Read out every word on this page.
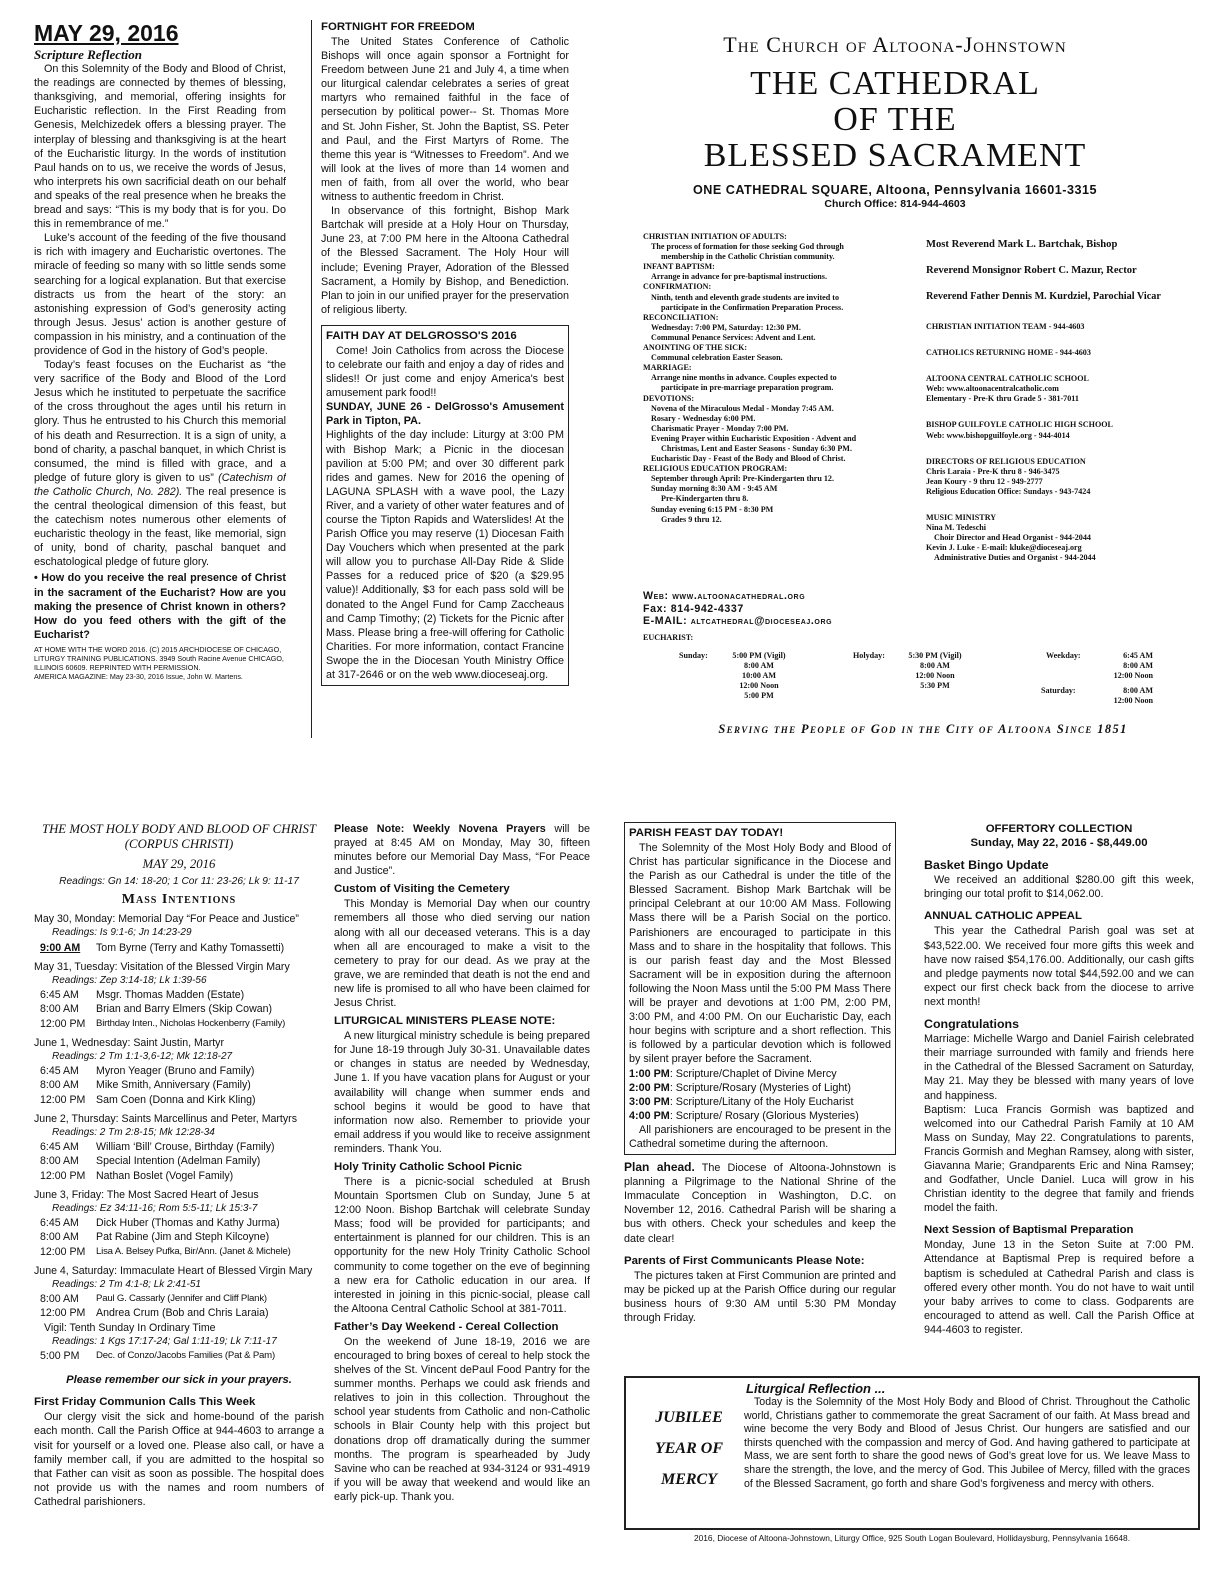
MAY 29, 2016
Scripture Reflection

On this Solemnity of the Body and Blood of Christ, the readings are connected by themes of blessing, thanksgiving, and memorial, offering insights for Eucharistic reflection. In the First Reading from Genesis, Melchizedek offers a blessing prayer. The interplay of blessing and thanksgiving is at the heart of the Eucharistic liturgy. In the words of institution Paul hands on to us, we receive the words of Jesus, who interprets his own sacrificial death on our behalf and speaks of the real presence when he breaks the bread and says: “This is my body that is for you. Do this in remembrance of me.”

Luke’s account of the feeding of the five thousand is rich with imagery and Eucharistic overtones. The miracle of feeding so many with so little sends some searching for a logical explanation. But that exercise distracts us from the heart of the story: an astonishing expression of God’s generosity acting through Jesus. Jesus’ action is another gesture of compassion in his ministry, and a continuation of the providence of God in the history of God’s people.

Today’s feast focuses on the Eucharist as “the very sacrifice of the Body and Blood of the Lord Jesus which he instituted to perpetuate the sacrifice of the cross throughout the ages until his return in glory. Thus he entrusted to his Church this memorial of his death and Resurrection. It is a sign of unity, a bond of charity, a paschal banquet, in which Christ is consumed, the mind is filled with grace, and a pledge of future glory is given to us” (Catechism of the Catholic Church, No. 282). The real presence is the central theological dimension of this feast, but the catechism notes numerous other elements of eucharistic theology in the feast, like memorial, sign of unity, bond of charity, paschal banquet and eschatological pledge of future glory.

• How do you receive the real presence of Christ in the sacrament of the Eucharist? How are you making the presence of Christ known in others? How do you feed others with the gift of the Eucharist?

AT HOME WITH THE WORD 2016. (C) 2015 ARCHDIOCESE OF CHICAGO, LITURGY TRAINING PUBLICATIONS. 3949 South Racine Avenue CHICAGO, ILLINOIS 60609. REPRINTED WITH PERMISSION.
AMERICA MAGAZINE: May 23-30, 2016 Issue, John W. Martens.
FORTNIGHT FOR FREEDOM

The United States Conference of Catholic Bishops will once again sponsor a Fortnight for Freedom between June 21 and July 4, a time when our liturgical calendar celebrates a series of great martyrs who remained faithful in the face of persecution by political power-- St. Thomas More and St. John Fisher, St. John the Baptist, SS. Peter and Paul, and the First Martyrs of Rome. The theme this year is “Witnesses to Freedom”. And we will look at the lives of more than 14 women and men of faith, from all over the world, who bear witness to authentic freedom in Christ.

In observance of this fortnight, Bishop Mark Bartchak will preside at a Holy Hour on Thursday, June 23, at 7:00 PM here in the Altoona Cathedral of the Blessed Sacrament. The Holy Hour will include; Evening Prayer, Adoration of the Blessed Sacrament, a Homily by Bishop, and Benediction. Plan to join in our unified prayer for the preservation of religious liberty.

FAITH DAY AT DELGROSSO'S 2016

Come! Join Catholics from across the Diocese to celebrate our faith and enjoy a day of rides and slides!! Or just come and enjoy America's best amusement park food!!

SUNDAY, JUNE 26 - DelGrosso's Amusement Park in Tipton, PA.

Highlights of the day include: Liturgy at 3:00 PM with Bishop Mark; a Picnic in the diocesan pavilion at 5:00 PM; and over 30 different park rides and games. New for 2016 the opening of LAGUNA SPLASH with a wave pool, the Lazy River, and a variety of other water features and of course the Tipton Rapids and Waterslides! At the Parish Office you may reserve (1) Diocesan Faith Day Vouchers which when presented at the park will allow you to purchase All-Day Ride & Slide Passes for a reduced price of $20 (a $29.95 value)! Additionally, $3 for each pass sold will be donated to the Angel Fund for Camp Zaccheaus and Camp Timothy; (2) Tickets for the Picnic after Mass. Please bring a free-will offering for Catholic Charities. For more information, contact Francine Swope the in the Diocesan Youth Ministry Office at 317-2646 or on the web www.dioceseaj.org.

The Church of Altoona-Johnstown
THE CATHEDRAL
OF THE
BLESSED SACRAMENT
ONE CATHEDRAL SQUARE, Altoona, Pennsylvania 16601-3315
Church Office: 814-944-4603
CHRISTIAN INITIATION OF ADULTS:
The process of formation for those seeking God through
membership in the Catholic Christian community.
INFANT BAPTISM:
Arrange in advance for pre-baptismal instructions.
CONFIRMATION:
Ninth, tenth and eleventh grade students are invited to
participate in the Confirmation Preparation Process.
RECONCILIATION:
Wednesday: 7:00 PM, Saturday: 12:30 PM.
Communal Penance Services: Advent and Lent.
ANOINTING OF THE SICK:
Communal celebration Easter Season.
MARRIAGE:
Arrange nine months in advance. Couples expected to
participate in pre-marriage preparation program.
DEVOTIONS:
Novena of the Miraculous Medal - Monday 7:45 AM.
Rosary - Wednesday 6:00 PM.
Charismatic Prayer - Monday 7:00 PM.
Evening Prayer within Eucharistic Exposition - Advent and
Christmas, Lent and Easter Seasons - Sunday 6:30 PM.
Eucharistic Day - Feast of the Body and Blood of Christ.
RELIGIOUS EDUCATION PROGRAM:
September through April: Pre-Kindergarten thru 12.
Sunday morning 8:30 AM - 9:45 AM
Pre-Kindergarten thru 8.
Sunday evening 6:15 PM - 8:30 PM
Grades 9 thru 12.
Web: www.altoonacathedral.org
Fax: 814-942-4337
E-MAIL: altcathedral@dioceseaj.org
Most Reverend Mark L. Bartchak, Bishop
Reverend Monsignor Robert C. Mazur, Rector
Reverend Father Dennis M. Kurdziel, Parochial Vicar
CHRISTIAN INITIATION TEAM - 944-4603
CATHOLICS RETURNING HOME - 944-4603
ALTOONA CENTRAL CATHOLIC SCHOOL
Web: www.altoonacentralcatholic.com
Elementary - Pre-K thru Grade 5 - 381-7011
BISHOP GUILFOYLE CATHOLIC HIGH SCHOOL
Web: www.bishopguilfoyle.org - 944-4014
DIRECTORS OF RELIGIOUS EDUCATION
Chris Laraia - Pre-K thru 8 - 946-3475
Jean Koury - 9 thru 12 - 949-2777
Religious Education Office: Sundays - 943-7424
MUSIC MINISTRY
Nina M. Tedeschi
Choir Director and Head Organist - 944-2044
Kevin J. Luke - E-mail: kluke@dioceseaj.org
Administrative Duties and Organist - 944-2044
EUCHARIST:
Sunday:	5:00 PM (Vigil)
8:00 AM
10:00 AM
12:00 Noon
5:00 PM
Holyday:	5:30 PM (Vigil)
8:00 AM
12:00 Noon
5:30 PM
Weekday:	6:45 AM
8:00 AM
12:00 Noon
Saturday:	8:00 AM
12:00 Noon
Serving the People of God in the City of Altoona Since 1851
THE MOST HOLY BODY AND BLOOD OF CHRIST
(CORPUS CHRISTI)
MAY 29, 2016
Readings: Gn 14: 18-20; 1 Cor 11: 23-26; Lk 9: 11-17
Mass Intentions
May 30, Monday: Memorial Day “For Peace and Justice”
Readings: Is 9:1-6; Jn 14:23-29
9:00 AM	Tom Byrne (Terry and Kathy Tomassetti)
May 31, Tuesday: Visitation of the Blessed Virgin Mary
Readings: Zep 3:14-18; Lk 1:39-56
6:45 AM	Msgr. Thomas Madden (Estate)
8:00 AM	Brian and Barry Elmers (Skip Cowan)
12:00 PM	Birthday Inten., Nicholas Hockenberry (Family)
June 1, Wednesday: Saint Justin, Martyr
Readings: 2 Tm 1:1-3,6-12; Mk 12:18-27
6:45 AM	Myron Yeager (Bruno and Family)
8:00 AM	Mike Smith, Anniversary (Family)
12:00 PM	Sam Coen (Donna and Kirk Kling)
June 2, Thursday: Saints Marcellinus and Peter, Martyrs
Readings: 2 Tm 2:8-15; Mk 12:28-34
6:45 AM	William ‘Bill’ Crouse, Birthday (Family)
8:00 AM	Special Intention (Adelman Family)
12:00 PM	Nathan Boslet (Vogel Family)
June 3, Friday: The Most Sacred Heart of Jesus
Readings: Ez 34:11-16; Rom 5:5-11; Lk 15:3-7
6:45 AM	Dick Huber (Thomas and Kathy Jurma)
8:00 AM	Pat Rabine (Jim and Steph Kilcoyne)
12:00 PM	Lisa A. Belsey Pufka, Bir/Ann. (Janet & Michele)
June 4, Saturday: Immaculate Heart of Blessed Virgin Mary
Readings: 2 Tm 4:1-8; Lk 2:41-51
8:00 AM	Paul G. Cassarly (Jennifer and Cliff Plank)
12:00 PM	Andrea Crum (Bob and Chris Laraia)
Vigil: Tenth Sunday In Ordinary Time
Readings: 1 Kgs 17:17-24; Gal 1:11-19; Lk 7:11-17
5:00 PM	Dec. of Conzo/Jacobs Families (Pat & Pam)
Please remember our sick in your prayers.
First Friday Communion Calls This Week

Our clergy visit the sick and home-bound of the parish each month. Call the Parish Office at 944-4603 to arrange a visit for yourself or a loved one. Please also call, or have a family member call, if you are admitted to the hospital so that Father can visit as soon as possible. The hospital does not provide us with the names and room numbers of Cathedral parishioners.

Please Note: Weekly Novena Prayers will be prayed at 8:45 AM on Monday, May 30, fifteen minutes before our Memorial Day Mass, “For Peace and Justice”.

Custom of Visiting the Cemetery

This Monday is Memorial Day when our country remembers all those who died serving our nation along with all our deceased veterans. This is a day when all are encouraged to make a visit to the cemetery to pray for our dead. As we pray at the grave, we are reminded that death is not the end and new life is promised to all who have been claimed for Jesus Christ.

LITURGICAL MINISTERS PLEASE NOTE:

A new liturgical ministry schedule is being prepared for June 18-19 through July 30-31. Unavailable dates or changes in status are needed by Wednesday, June 1. If you have vacation plans for August or your availability will change when summer ends and school begins it would be good to have that information now also. Remember to priovide your email address if you would like to receive assignment reminders. Thank You.

Holy Trinity Catholic School Picnic

There is a picnic-social scheduled at Brush Mountain Sportsmen Club on Sunday, June 5 at 12:00 Noon. Bishop Bartchak will celebrate Sunday Mass; food will be provided for participants; and entertainment is planned for our children. This is an opportunity for the new Holy Trinity Catholic School community to come together on the eve of beginning a new era for Catholic education in our area. If interested in joining in this picnic-social, please call the Altoona Central Catholic School at 381-7011.

Father’s Day Weekend - Cereal Collection

On the weekend of June 18-19, 2016 we are encouraged to bring boxes of cereal to help stock the shelves of the St. Vincent dePaul Food Pantry for the summer months. Perhaps we could ask friends and relatives to join in this collection. Throughout the school year students from Catholic and non-Catholic schools in Blair County help with this project but donations drop off dramatically during the summer months. The program is spearheaded by Judy Savine who can be reached at 934-3124 or 931-4919 if you will be away that weekend and would like an early pick-up. Thank you.

PARISH FEAST DAY TODAY!

The Solemnity of the Most Holy Body and Blood of Christ has particular significance in the Diocese and the Parish as our Cathedral is under the title of the Blessed Sacrament. Bishop Mark Bartchak will be principal Celebrant at our 10:00 AM Mass. Following Mass there will be a Parish Social on the portico. Parishioners are encouraged to participate in this Mass and to share in the hospitality that follows. This is our parish feast day and the Most Blessed Sacrament will be in exposition during the afternoon following the Noon Mass until the 5:00 PM Mass There will be prayer and devotions at 1:00 PM, 2:00 PM, 3:00 PM, and 4:00 PM. On our Eucharistic Day, each hour begins with scripture and a short reflection. This is followed by a particular devotion which is followed by silent prayer before the Sacrament.

1:00 PM: Scripture/Chaplet of Divine Mercy
2:00 PM: Scripture/Rosary (Mysteries of Light)
3:00 PM: Scripture/Litany of the Holy Eucharist
4:00 PM: Scripture/ Rosary (Glorious Mysteries)

All parishioners are encouraged to be present in the Cathedral sometime during the afternoon.

Plan ahead. The Diocese of Altoona-Johnstown is planning a Pilgrimage to the National Shrine of the Immaculate Conception in Washington, D.C. on November 12, 2016. Cathedral Parish will be sharing a bus with others. Check your schedules and keep the date clear!

Parents of First Communicants Please Note:

The pictures taken at First Communion are printed and may be picked up at the Parish Office during our regular business hours of 9:30 AM until 5:30 PM Monday through Friday.

OFFERTORY COLLECTION
Sunday, May 22, 2016 - $8,449.00
Basket Bingo Update

We received an additional $280.00 gift this week, bringing our total profit to $14,062.00.

ANNUAL CATHOLIC APPEAL

This year the Cathedral Parish goal was set at $43,522.00. We received four more gifts this week and have now raised $54,176.00. Additionally, our cash gifts and pledge payments now total $44,592.00 and we can expect our first check back from the diocese to arrive next month!

Congratulations

Marriage: Michelle Wargo and Daniel Fairish celebrated their marriage surrounded with family and friends here in the Cathedral of the Blessed Sacrament on Saturday, May 21. May they be blessed with many years of love and happiness.

Baptism: Luca Francis Gormish was baptized and welcomed into our Cathedral Parish Family at 10 AM Mass on Sunday, May 22. Congratulations to parents, Francis Gormish and Meghan Ramsey, along with sister, Giavanna Marie; Grandparents Eric and Nina Ramsey; and Godfather, Uncle Daniel. Luca will grow in his Christian identity to the degree that family and friends model the faith.

Next Session of Baptismal Preparation

Monday, June 13 in the Seton Suite at 7:00 PM. Attendance at Baptismal Prep is required before a baptism is scheduled at Cathedral Parish and class is offered every other month. You do not have to wait until your baby arrives to come to class. Godparents are encouraged to attend as well. Call the Parish Office at 944-4603 to register.

Liturgical Reflection ...
JUBILEE
YEAR OF
MERCY

Today is the Solemnity of the Most Holy Body and Blood of Christ. Throughout the Catholic world, Christians gather to commemorate the great Sacrament of our faith. At Mass bread and wine become the very Body and Blood of Jesus Christ. Our hungers are satisfied and our thirsts quenched with the compassion and mercy of God. And having gathered to participate at Mass, we are sent forth to share the good news of God’s great love for us. We leave Mass to share the strength, the love, and the mercy of God. This Jubilee of Mercy, filled with the graces of the Blessed Sacrament, go forth and share God’s forgiveness and mercy with others.

2016, Diocese of Altoona-Johnstown, Liturgy Office, 925 South Logan Boulevard, Hollidaysburg, Pennsylvania 16648.
